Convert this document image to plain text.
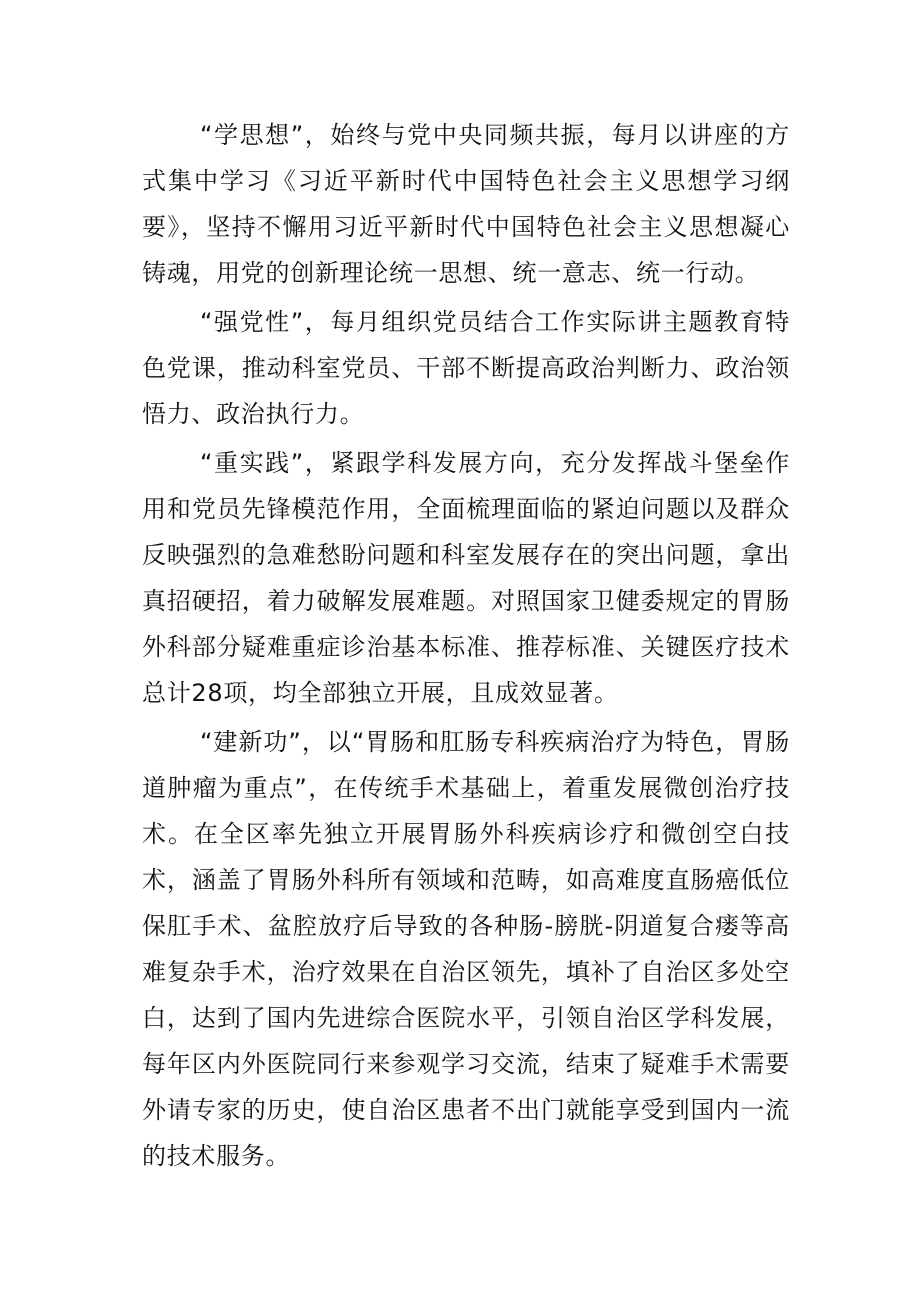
“学思想”，始终与党中央同频共振，每月以讲座的方式集中学习《习近平新时代中国特色社会主义思想学习纲要》，坚持不懈用习近平新时代中国特色社会主义思想凝心铸魂，用党的创新理论统一思想、统一意志、统一行动。

“强党性”，每月组织党员结合工作实际讲主题教育特色党课，推动科室党员、干部不断提高政治判断力、政治领悟力、政治执行力。

“重实践”，紧跟学科发展方向，充分发挥战斗堡垒作用和党员先锋模范作用，全面梳理面临的紧迫问题以及群众反映强烈的急难愁盼问题和科室发展存在的突出问题，拿出真招硬招，着力破解发展难题。对照国家卫健委规定的胃肠外科部分疑难重症诊治基本标准、推荐标准、关键医疗技术总计28项，均全部独立开展，且成效显著。

“建新功”，以“胃肠和肛肠专科疾病治疗为特色，胃肠道肿瘤为重点”，在传统手术基础上，着重发展微创治疗技术。在全区率先独立开展胃肠外科疾病诊疗和微创空白技术，涵盖了胃肠外科所有领域和范畴，如高难度直肠癌低位保肛手术、盆腔放疗后导致的各种肠-膀胱-阴道复合瘘等高难复杂手术，治疗效果在自治区领先，填补了自治区多处空白，达到了国内先进综合医院水平，引领自治区学科发展，每年区内外医院同行来参观学习交流，结束了疑难手术需要外请专家的历史，使自治区患者不出门就能享受到国内一流的技术服务。
